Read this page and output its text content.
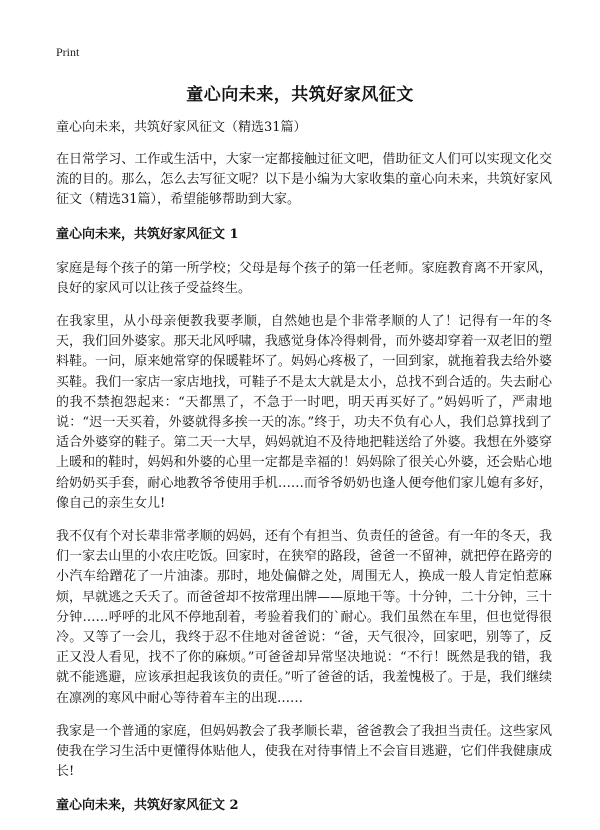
Print
童心向未来，共筑好家风征文

童心向未来，共筑好家风征文（精选31篇）

在日常学习、工作或生活中，大家一定都接触过征文吧，借助征文人们可以实现文化交流的目的。那么，怎么去写征文呢？以下是小编为大家收集的童心向未来，共筑好家风征文（精选31篇），希望能够帮助到大家。

童心向未来，共筑好家风征文 1

家庭是每个孩子的第一所学校；父母是每个孩子的第一任老师。家庭教育离不开家风，良好的家风可以让孩子受益终生。

在我家里，从小母亲便教我要孝顺，自然她也是个非常孝顺的人了！记得有一年的冬天，我们回外婆家。那天北风呼啸，我感觉身体冷得刺骨，而外婆却穿着一双老旧的塑料鞋。一问，原来她常穿的保暖鞋坏了。妈妈心疼极了，一回到家，就拖着我去给外婆买鞋。我们一家店一家店地找，可鞋子不是太大就是太小，总找不到合适的。失去耐心的我不禁抱怨起来：“天都黑了，不急于一时吧，明天再买好了。”妈妈听了，严肃地说：“迟一天买着，外婆就得多挨一天的冻。”终于，功夫不负有心人，我们总算找到了适合外婆穿的鞋子。第二天一大早，妈妈就迫不及待地把鞋送给了外婆。我想在外婆穿上暖和的鞋时，妈妈和外婆的心里一定都是幸福的！妈妈除了很关心外婆，还会贴心地给奶奶买手套，耐心地教爷爷使用手机……而爷爷奶奶也逢人便夸他们家儿媳有多好，像自己的亲生女儿!

我不仅有个对长辈非常孝顺的妈妈，还有个有担当、负责任的爸爸。有一年的冬天，我们一家去山里的小农庄吃饭。回家时，在狭窄的路段，爸爸一不留神，就把停在路旁的小汽车给蹭花了一片油漆。那时，地处偏僻之处，周围无人，换成一般人肯定怕惹麻烦，早就逃之夭夭了。而爸爸却不按常理出牌——原地干等。十分钟，二十分钟，三十分钟……呼呼的北风不停地刮着，考验着我们的`耐心。我们虽然在车里，但也觉得很冷。又等了一会儿，我终于忍不住地对爸爸说：“爸，天气很冷，回家吧，别等了，反正又没人看见，找不了你的麻烦。”可爸爸却异常坚决地说：“不行！既然是我的错，我就不能逃避，应该承担起我该负的责任。”听了爸爸的话，我羞愧极了。于是，我们继续在凛冽的寒风中耐心等待着车主的出现……

我家是一个普通的家庭，但妈妈教会了我孝顺长辈，爸爸教会了我担当责任。这些家风使我在学习生活中更懂得体贴他人，使我在对待事情上不会盲目逃避，它们伴我健康成长!

童心向未来，共筑好家风征文 2
